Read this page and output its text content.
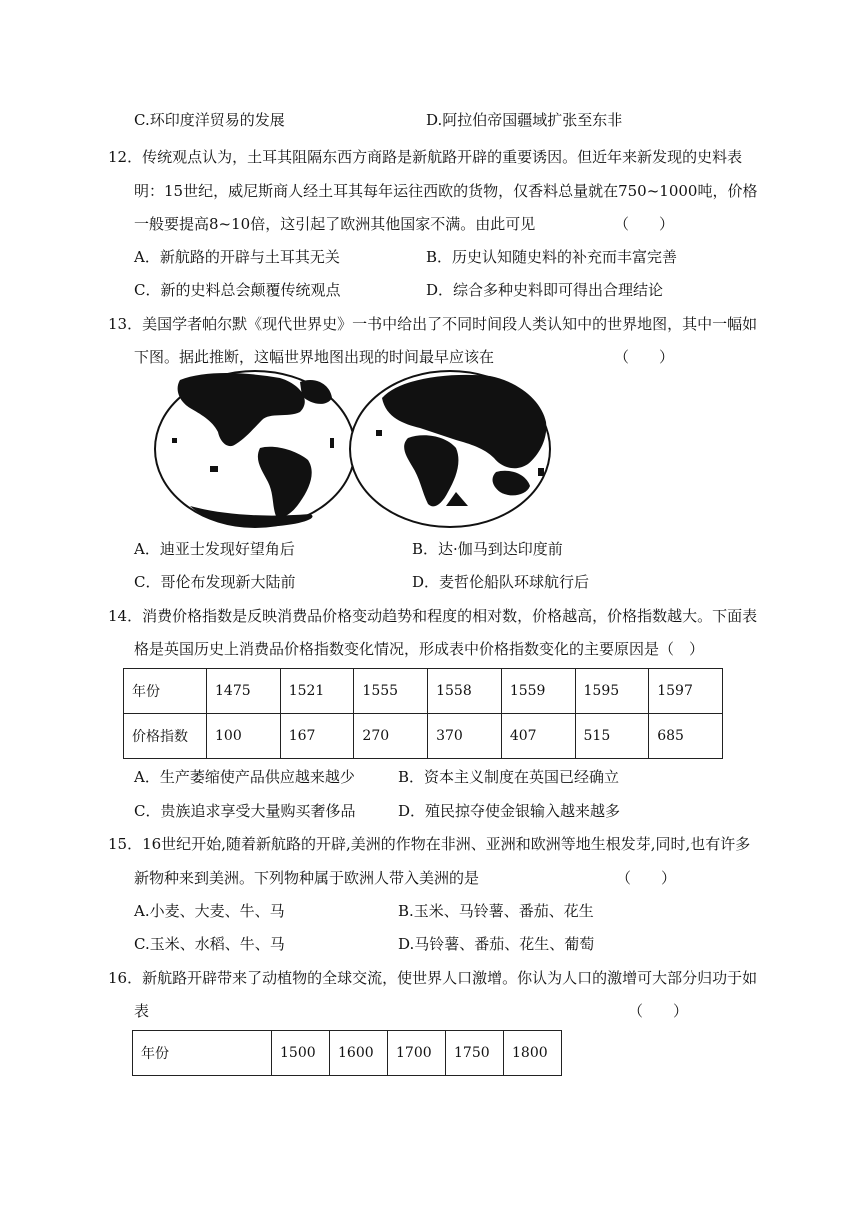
C.环印度洋贸易的发展	D.阿拉伯帝国疆域扩张至东非
12．传统观点认为，土耳其阻隔东西方商路是新航路开辟的重要诱因。但近年来新发现的史料表
明：15世纪，威尼斯商人经土耳其每年运往西欧的货物，仅香料总量就在750~1000吨，价格
一般要提高8~10倍，这引起了欧洲其他国家不满。由此可见	（　　）
A．新航路的开辟与土耳其无关	B．历史认知随史料的补充而丰富完善
C．新的史料总会颠覆传统观点	D．综合多种史料即可得出合理结论
13．美国学者帕尔默《现代世界史》一书中给出了不同时间段人类认知中的世界地图，其中一幅如
下图。据此推断，这幅世界地图出现的时间最早应该在	（　　）
A．迪亚士发现好望角后	B．达·伽马到达印度前
C．哥伦布发现新大陆前	D．麦哲伦船队环球航行后
14．消费价格指数是反映消费品价格变动趋势和程度的相对数，价格越高，价格指数越大。下面表
格是英国历史上消费品价格指数变化情况，形成表中价格指数变化的主要原因是（　）
年份	1475	1521	1555	1558	1559	1595	1597
价格指数	100	167	270	370	407	515	685
A．生产萎缩使产品供应越来越少	B．资本主义制度在英国已经确立
C．贵族追求享受大量购买奢侈品	D．殖民掠夺使金银输入越来越多
15．16世纪开始,随着新航路的开辟,美洲的作物在非洲、亚洲和欧洲等地生根发芽,同时,也有许多
新物种来到美洲。下列物种属于欧洲人带入美洲的是	（　　）
A.小麦、大麦、牛、马	B.玉米、马铃薯、番茄、花生
C.玉米、水稻、牛、马	D.马铃薯、番茄、花生、葡萄
16．新航路开辟带来了动植物的全球交流，使世界人口激增。你认为人口的激增可大部分归功于如
表	（　　）
年份	1500	1600	1700	1750	1800
